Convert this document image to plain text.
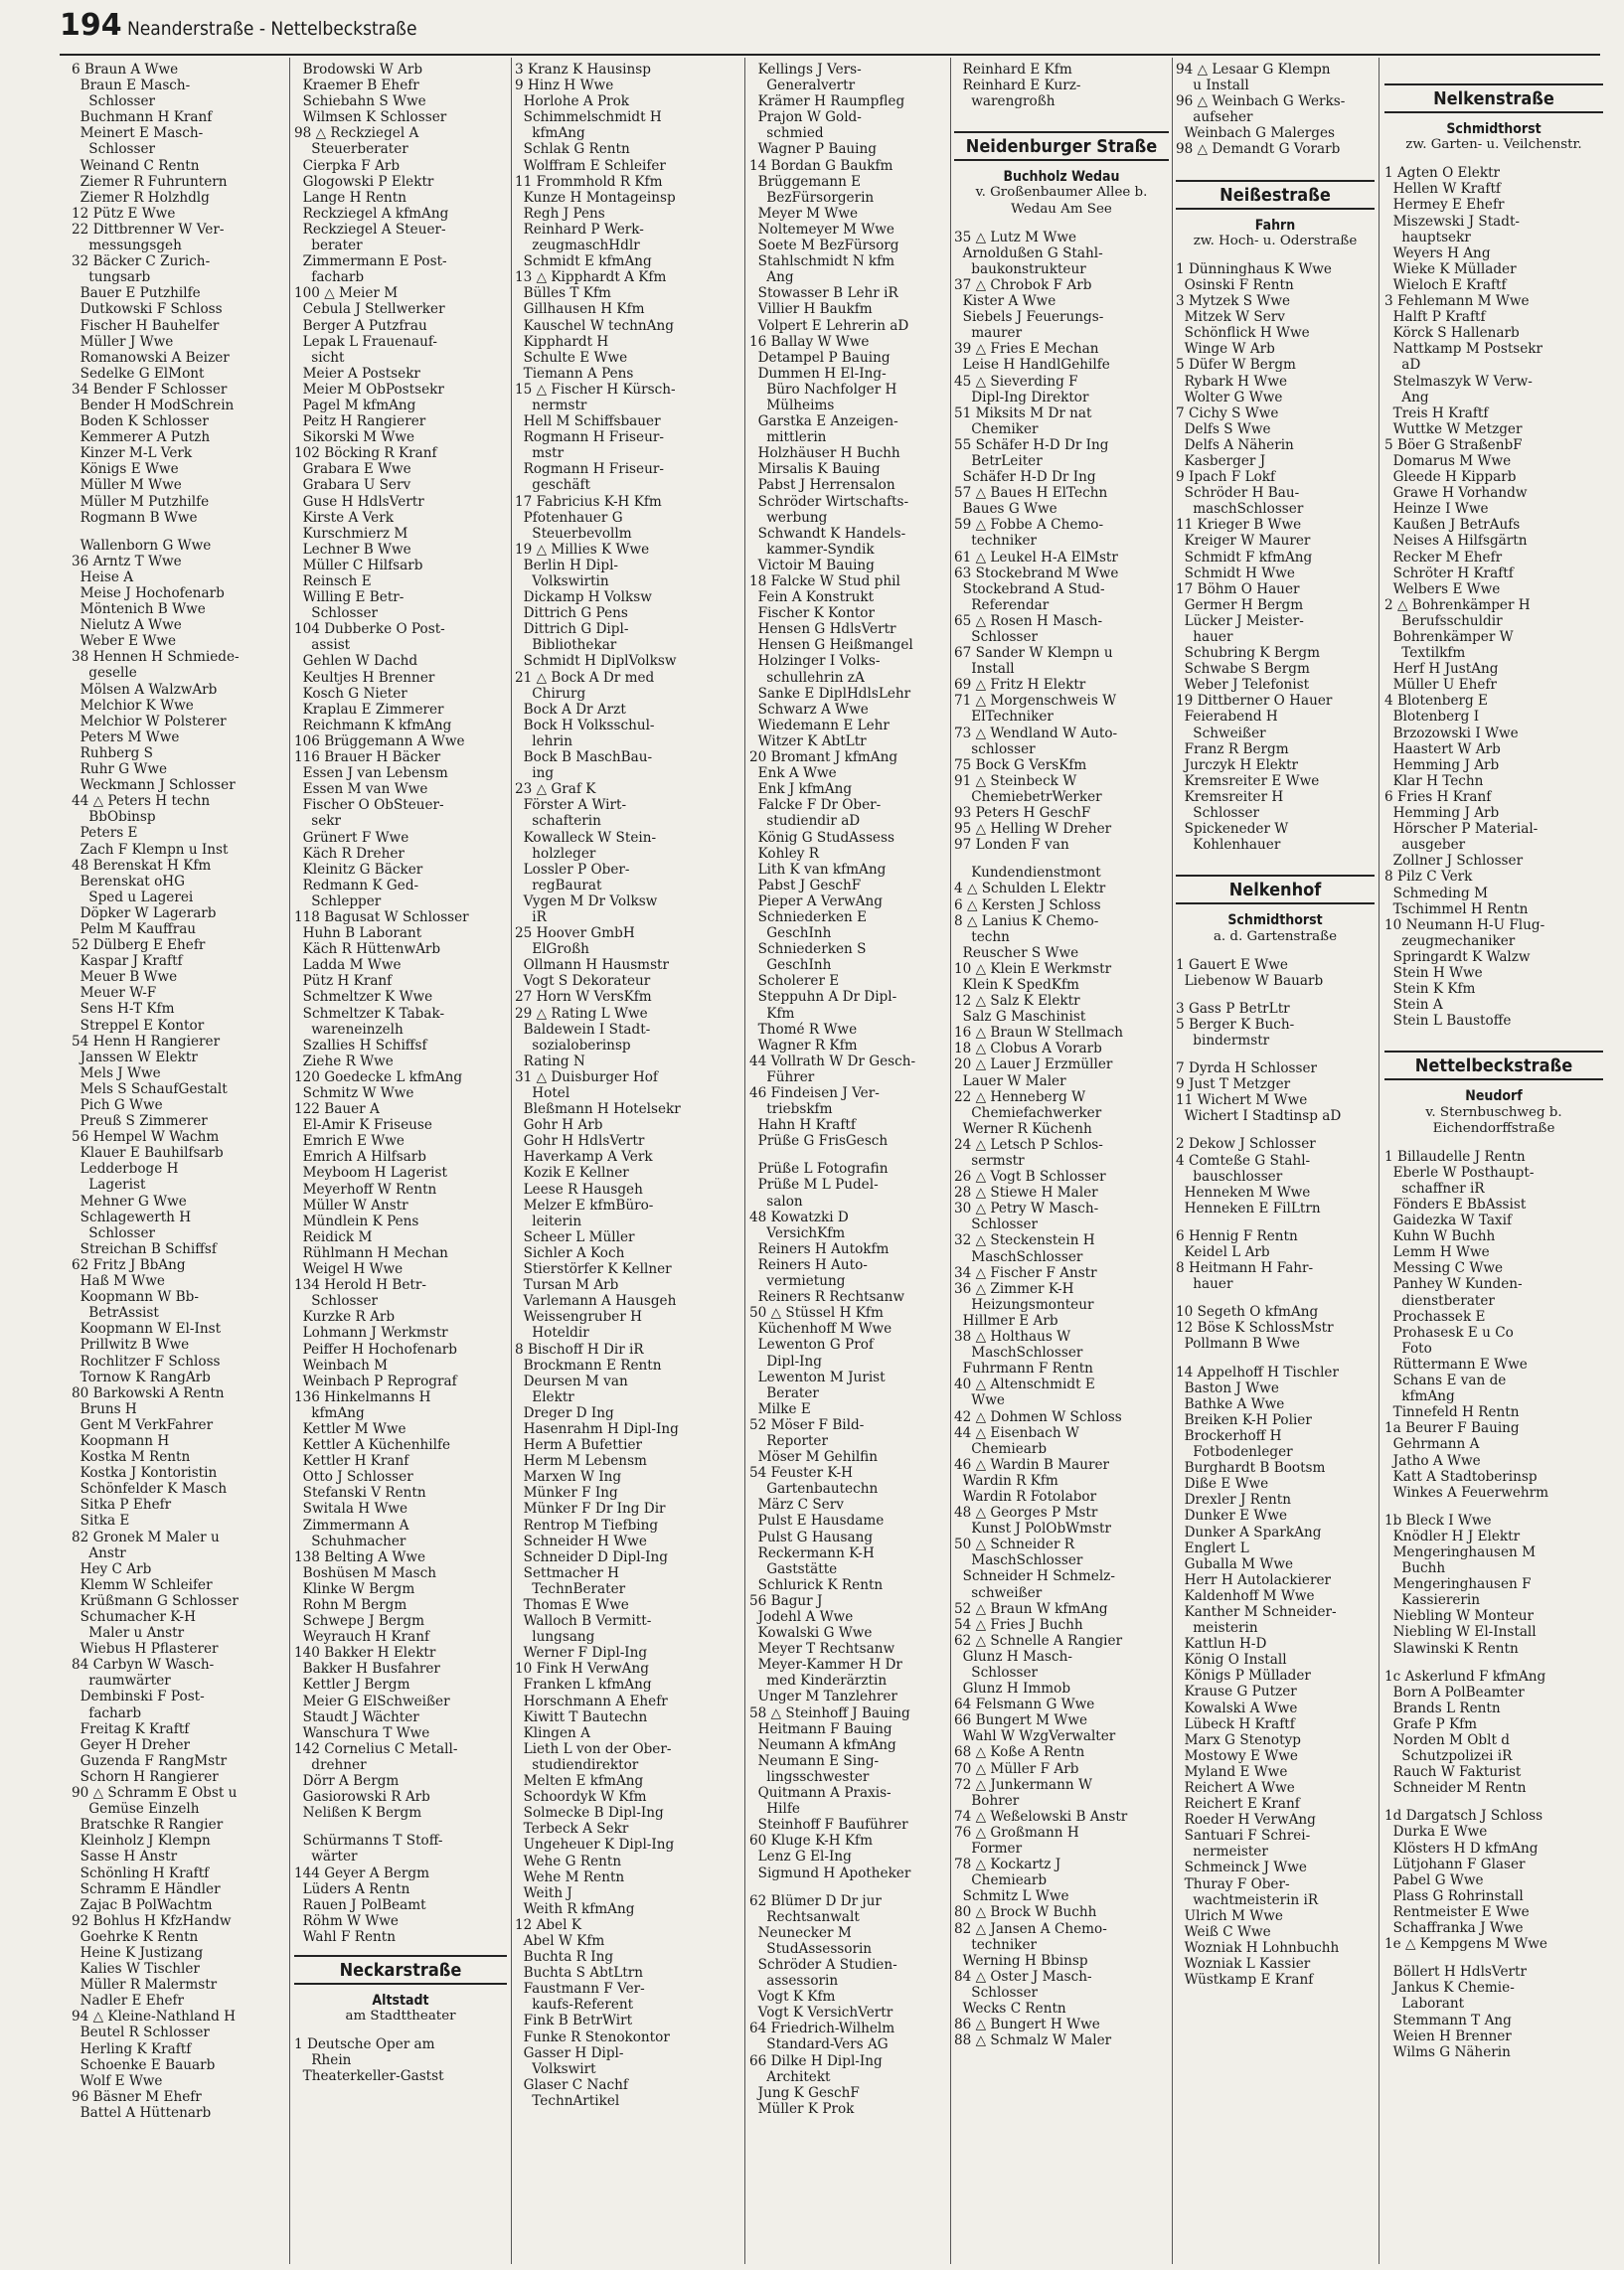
194 Neanderstraße - Nettelbeckstraße
6 Braun A Wwe
Braun E Masch-
Schlosser
Buchmann H Kranf
Meinert E Masch-
Schlosser
Weinand C Rentn
Ziemer R Fuhruntern
Ziemer R Holzhdlg
12 Pütz E Wwe
22 Dittbrenner W Ver-
messungsgeh
32 Bäcker C Zurich-
tungsarb
Bauer E Putzhilfe
Dutkowski F Schloss
Fischer H Bauhelfer
Müller J Wwe
Romanowski A Beizer
Sedelke G ElMont
34 Bender F Schlosser
Bender H ModSchrein
Boden K Schlosser
Kemmerer A Putzh
Kinzer M-L Verk
Königs E Wwe
Müller M Wwe
Müller M Putzhilfe
Rogmann B Wwe
Wallenborn G Wwe
36 Arntz T Wwe
Heise A
Meise J Hochofenarb
Möntenich B Wwe
Nielutz A Wwe
Weber E Wwe
38 Hennen H Schmiede-
geselle
Mölsen A WalzwArb
Melchior K Wwe
Melchior W Polsterer
Peters M Wwe
Ruhberg S
Ruhr G Wwe
Weckmann J Schlosser
44 △ Peters H techn
BbObinsp
Peters E
Zach F Klempn u Inst
48 Berenskat H Kfm
Berenskat oHG
Sped u Lagerei
Döpker W Lagerarb
Pelm M Kauffrau
52 Dülberg E Ehefr
Kaspar J Kraftf
Meuer B Wwe
Meuer W-F
Sens H-T Kfm
Streppel E Kontor
54 Henn H Rangierer
Janssen W Elektr
Mels J Wwe
Mels S SchaufGestalt
Pich G Wwe
Preuß S Zimmerer
56 Hempel W Wachm
Klauer E Bauhilfsarb
Ledderboge H
Lagerist
Mehner G Wwe
Schlagewerth H
Schlosser
Streichan B Schiffsf
62 Fritz J BbAng
Haß M Wwe
Koopmann W Bb-
BetrAssist
Koopmann W El-Inst
Prillwitz B Wwe
Rochlitzer F Schloss
Tornow K RangArb
80 Barkowski A Rentn
Bruns H
Gent M VerkFahrer
Koopmann H
Kostka M Rentn
Kostka J Kontoristin
Schönfelder K Masch
Sitka P Ehefr
Sitka E
82 Gronek M Maler u
Anstr
Hey C Arb
Klemm W Schleifer
Krüßmann G Schlosser
Schumacher K-H
Maler u Anstr
Wiebus H Pflasterer
84 Carbyn W Wasch-
raumwärter
Dembinski F Post-
facharb
Freitag K Kraftf
Geyer H Dreher
Guzenda F RangMstr
Schorn H Rangierer
90 △ Schramm E Obst u
Gemüse Einzelh
Bratschke R Rangier
Kleinholz J Klempn
Sasse H Anstr
Schönling H Kraftf
Schramm E Händler
Zajac B PolWachtm
92 Bohlus H KfzHandw
Goehrke K Rentn
Heine K Justizang
Kalies W Tischler
Müller R Malermstr
Nadler E Ehefr
94 △ Kleine-Nathland H
Beutel R Schlosser
Herling K Kraftf
Schoenke E Bauarb
Wolf E Wwe
96 Bäsner M Ehefr
Battel A Hüttenarb
Brodowski W Arb
Kraemer B Ehefr
Schiebahn S Wwe
Wilmsen K Schlosser
98 △ Reckziegel A
Steuerberater
Cierpka F Arb
Glogowski P Elektr
Lange H Rentn
Reckziegel A kfmAng
Reckziegel A Steuer-
berater
Zimmermann E Post-
facharb
100 △ Meier M
Cebula J Stellwerker
Berger A Putzfrau
Lepak L Frauenauf-
sicht
Meier A Postsekr
Meier M ObPostsekr
Pagel M kfmAng
Peitz H Rangierer
Sikorski M Wwe
102 Böcking R Kranf
Grabara E Wwe
Grabara U Serv
Guse H HdlsVertr
Kirste A Verk
Kurschmierz M
Lechner B Wwe
Müller C Hilfsarb
Reinsch E
Willing E Betr-
Schlosser
104 Dubberke O Post-
assist
Gehlen W Dachd
Keultjes H Brenner
Kosch G Nieter
Kraplau E Zimmerer
Reichmann K kfmAng
106 Brüggemann A Wwe
116 Brauer H Bäcker
Essen J van Lebensm
Essen M van Wwe
Fischer O ObSteuer-
sekr
Grünert F Wwe
Käch R Dreher
Kleinitz G Bäcker
Redmann K Ged-
Schlepper
118 Bagusat W Schlosser
Huhn B Laborant
Käch R HüttenwArb
Ladda M Wwe
Pütz H Kranf
Schmeltzer K Wwe
Schmeltzer K Tabak-
wareneinzelh
Szallies H Schiffsf
Ziehe R Wwe
120 Goedecke L kfmAng
Schmitz W Wwe
122 Bauer A
El-Amir K Friseuse
Emrich E Wwe
Emrich A Hilfsarb
Meyboom H Lagerist
Meyerhoff W Rentn
Müller W Anstr
Mündlein K Pens
Reidick M
Rühlmann H Mechan
Weigel H Wwe
134 Herold H Betr-
Schlosser
Kurzke R Arb
Lohmann J Werkmstr
Peiffer H Hochofenarb
Weinbach M
Weinbach P Reprograf
136 Hinkelmanns H
kfmAng
Kettler M Wwe
Kettler A Küchenhilfe
Kettler H Kranf
Otto J Schlosser
Stefanski V Rentn
Switala H Wwe
Zimmermann A
Schuhmacher
138 Belting A Wwe
Boshüsen M Masch
Klinke W Bergm
Rohn M Bergm
Schwepe J Bergm
Weyrauch H Kranf
140 Bakker H Elektr
Bakker H Busfahrer
Kettler J Bergm
Meier G ElSchweißer
Staudt J Wächter
Wanschura T Wwe
142 Cornelius C Metall-
drehner
Dörr A Bergm
Gasiorowski R Arb
Nelißen K Bergm
Schürmanns T Stoff-
wärter
144 Geyer A Bergm
Lüders A Rentn
Rauen J PolBeamt
Röhm W Wwe
Wahl F Rentn
Neckarstraße
Altstadt
am Stadttheater
1 Deutsche Oper am
Rhein
Theaterkeller-Gastst
3 Kranz K Hausinsp
9 Hinz H Wwe
Horlohe A Prok
Schimmelschmidt H
kfmAng
Schlak G Rentn
Wolffram E Schleifer
11 Frommhold R Kfm
Kunze H Montageinsp
Regh J Pens
Reinhard P Werk-
zeugmaschHdlr
Schmidt E kfmAng
13 △ Kipphardt A Kfm
Bülles T Kfm
Gillhausen H Kfm
Kauschel W technAng
Kipphardt H
Schulte E Wwe
Tiemann A Pens
15 △ Fischer H Kürsch-
nermstr
Hell M Schiffsbauer
Rogmann H Friseur-
mstr
Rogmann H Friseur-
geschäft
17 Fabricius K-H Kfm
Pfotenhauer G
Steuerbevollm
19 △ Millies K Wwe
Berlin H Dipl-
Volkswirtin
Dickamp H Volksw
Dittrich G Pens
Dittrich G Dipl-
Bibliothekar
Schmidt H DiplVolksw
21 △ Bock A Dr med
Chirurg
Bock A Dr Arzt
Bock H Volksschul-
lehrin
Bock B MaschBau-
ing
23 △ Graf K
Förster A Wirt-
schafterin
Kowalleck W Stein-
holzleger
Lossler P Ober-
regBaurat
Vygen M Dr Volksw
iR
25 Hoover GmbH
ElGroßh
Ollmann H Hausmstr
Vogt S Dekorateur
27 Horn W VersKfm
29 △ Rating L Wwe
Baldewein I Stadt-
sozialoberinsp
Rating N
31 △ Duisburger Hof
Hotel
Bleßmann H Hotelsekr
Gohr H Arb
Gohr H HdlsVertr
Haverkamp A Verk
Kozik E Kellner
Leese R Hausgeh
Melzer E kfmBüro-
leiterin
Scheer L Müller
Sichler A Koch
Stierstörfer K Kellner
Tursan M Arb
Varlemann A Hausgeh
Weissengruber H
Hoteldir
8 Bischoff H Dir iR
Brockmann E Rentn
Deursen M van
Elektr
Dreger D Ing
Hasenrahm H Dipl-Ing
Herm A Bufettier
Herm M Lebensm
Marxen W Ing
Münker F Ing
Münker F Dr Ing Dir
Rentrop M Tiefbing
Schneider H Wwe
Schneider D Dipl-Ing
Settmacher H
TechnBerater
Thomas E Wwe
Walloch B Vermitt-
lungsang
Werner F Dipl-Ing
10 Fink H VerwAng
Franken L kfmAng
Horschmann A Ehefr
Kiwitt T Bautechn
Klingen A
Lieth L von der Ober-
studiendirektor
Melten E kfmAng
Schoordyk W Kfm
Solmecke B Dipl-Ing
Terbeck A Sekr
Ungeheuer K Dipl-Ing
Wehe G Rentn
Wehe M Rentn
Weith J
Weith R kfmAng
12 Abel K
Abel W Kfm
Buchta R Ing
Buchta S AbtLtrn
Faustmann F Ver-
kaufs-Referent
Fink B BetrWirt
Funke R Stenokontor
Gasser H Dipl-
Volkswirt
Glaser C Nachf
TechnArtikel
Kellings J Vers-
Generalvertr
Krämer H Raumpfleg
Prajon W Gold-
schmied
Wagner P Bauing
14 Bordan G Baukfm
Brüggemann E
BezFürsorgerin
Meyer M Wwe
Noltemeyer M Wwe
Soete M BezFürsorg
Stahlschmidt N kfm
Ang
Stowasser B Lehr iR
Villier H Baukfm
Volpert E Lehrerin aD
16 Ballay W Wwe
Detampel P Bauing
Dummen H El-Ing-
Büro Nachfolger H
Mülheims
Garstka E Anzeigen-
mittlerin
Holzhäuser H Buchh
Mirsalis K Bauing
Pabst J Herrensalon
Schröder Wirtschafts-
werbung
Schwandt K Handels-
kammer-Syndik
Victoir M Bauing
18 Falcke W Stud phil
Fein A Konstrukt
Fischer K Kontor
Hensen G HdlsVertr
Hensen G Heißmangel
Holzinger I Volks-
schullehrin zA
Sanke E DiplHdlsLehr
Schwarz A Wwe
Wiedemann E Lehr
Witzer K AbtLtr
20 Bromant J kfmAng
Enk A Wwe
Enk J kfmAng
Falcke F Dr Ober-
studiendir aD
König G StudAssess
Kohley R
Lith K van kfmAng
Pabst J GeschF
Pieper A VerwAng
Schniederken E
GeschInh
Schniederken S
GeschInh
Scholerer E
Steppuhn A Dr Dipl-
Kfm
Thomé R Wwe
Wagner R Kfm
44 Vollrath W Dr Gesch-
Führer
46 Findeisen J Ver-
triebskfm
Hahn H Kraftf
Prüße G FrisGesch
Prüße L Fotografin
Prüße M L Pudel-
salon
48 Kowatzki D
VersichKfm
Reiners H Autokfm
Reiners H Auto-
vermietung
Reiners R Rechtsanw
50 △ Stüssel H Kfm
Küchenhoff M Wwe
Lewenton G Prof
Dipl-Ing
Lewenton M Jurist
Berater
Milke E
52 Möser F Bild-
Reporter
Möser M Gehilfin
54 Feuster K-H
Gartenbautechn
März C Serv
Pulst E Hausdame
Pulst G Hausang
Reckermann K-H
Gaststätte
Schlurick K Rentn
56 Bagur J
Jodehl A Wwe
Kowalski G Wwe
Meyer T Rechtsanw
Meyer-Kammer H Dr
med Kinderärztin
Unger M Tanzlehrer
58 △ Steinhoff J Bauing
Heitmann F Bauing
Neumann A kfmAng
Neumann E Sing-
lingsschwester
Quitmann A Praxis-
Hilfe
Steinhoff F Bauführer
60 Kluge K-H Kfm
Lenz G El-Ing
Sigmund H Apotheker
62 Blümer D Dr jur
Rechtsanwalt
Neunecker M
StudAssessorin
Schröder A Studien-
assessorin
Vogt K Kfm
Vogt K VersichVertr
64 Friedrich-Wilhelm
Standard-Vers AG
66 Dilke H Dipl-Ing
Architekt
Jung K GeschF
Müller K Prok
Reinhard E Kfm
Reinhard E Kurz-
warengroßh
Neidenburger Straße
Buchholz Wedau
v. Großenbaumer Allee b.
Wedau Am See
35 △ Lutz M Wwe
Arnoldußen G Stahl-
baukonstrukteur
37 △ Chrobok F Arb
Kister A Wwe
Siebels J Feuerungs-
maurer
39 △ Fries E Mechan
Leise H HandlGehilfe
45 △ Sieverding F
Dipl-Ing Direktor
51 Miksits M Dr nat
Chemiker
55 Schäfer H-D Dr Ing
BetrLeiter
Schäfer H-D Dr Ing
57 △ Baues H ElTechn
Baues G Wwe
59 △ Fobbe A Chemo-
techniker
61 △ Leukel H-A ElMstr
63 Stockebrand M Wwe
Stockebrand A Stud-
Referendar
65 △ Rosen H Masch-
Schlosser
67 Sander W Klempn u
Install
69 △ Fritz H Elektr
71 △ Morgenschweis W
ElTechniker
73 △ Wendland W Auto-
schlosser
75 Bock G VersKfm
91 △ Steinbeck W
ChemiebetrWerker
93 Peters H GeschF
95 △ Helling W Dreher
97 Londen F van
Kundendienstmont
4 △ Schulden L Elektr
6 △ Kersten J Schloss
8 △ Lanius K Chemo-
techn
Reuscher S Wwe
10 △ Klein E Werkmstr
Klein K SpedKfm
12 △ Salz K Elektr
Salz G Maschinist
16 △ Braun W Stellmach
18 △ Clobus A Vorarb
20 △ Lauer J Erzmüller
Lauer W Maler
22 △ Henneberg W
Chemiefachwerker
Werner R Küchenh
24 △ Letsch P Schlos-
sermstr
26 △ Vogt B Schlosser
28 △ Stiewe H Maler
30 △ Petry W Masch-
Schlosser
32 △ Steckenstein H
MaschSchlosser
34 △ Fischer F Anstr
36 △ Zimmer K-H
Heizungsmonteur
Hillmer E Arb
38 △ Holthaus W
MaschSchlosser
Fuhrmann F Rentn
40 △ Altenschmidt E
Wwe
42 △ Dohmen W Schloss
44 △ Eisenbach W
Chemiearb
46 △ Wardin B Maurer
Wardin R Kfm
Wardin R Fotolabor
48 △ Georges P Mstr
Kunst J PolObWmstr
50 △ Schneider R
MaschSchlosser
Schneider H Schmelz-
schweißer
52 △ Braun W kfmAng
54 △ Fries J Buchh
62 △ Schnelle A Rangier
Glunz H Masch-
Schlosser
Glunz H Immob
64 Felsmann G Wwe
66 Bungert M Wwe
Wahl W WzgVerwalter
68 △ Koße A Rentn
70 △ Müller F Arb
72 △ Junkermann W
Bohrer
74 △ Weßelowski B Anstr
76 △ Großmann H
Former
78 △ Kockartz J
Chemiearb
Schmitz L Wwe
80 △ Brock W Buchh
82 △ Jansen A Chemo-
techniker
Werning H Bbinsp
84 △ Oster J Masch-
Schlosser
Wecks C Rentn
86 △ Bungert H Wwe
88 △ Schmalz W Maler
94 △ Lesaar G Klempn
u Install
96 △ Weinbach G Werks-
aufseher
Weinbach G Malerges
98 △ Demandt G Vorarb
Neißestraße
Fahrn
zw. Hoch- u. Oderstraße
1 Dünninghaus K Wwe
Osinski F Rentn
3 Mytzek S Wwe
Mitzek W Serv
Schönflick H Wwe
Winge W Arb
5 Düfer W Bergm
Rybark H Wwe
Wolter G Wwe
7 Cichy S Wwe
Delfs S Wwe
Delfs A Näherin
Kasberger J
9 Ipach F Lokf
Schröder H Bau-
maschSchlosser
11 Krieger B Wwe
Kreiger W Maurer
Schmidt F kfmAng
Schmidt H Wwe
17 Böhm O Hauer
Germer H Bergm
Lücker J Meister-
hauer
Schubring K Bergm
Schwabe S Bergm
Weber J Telefonist
19 Dittberner O Hauer
Feierabend H
Schweißer
Franz R Bergm
Jurczyk H Elektr
Kremsreiter E Wwe
Kremsreiter H
Schlosser
Spickeneder W
Kohlenhauer
Nelkenhof
Schmidthorst
a. d. Gartenstraße
1 Gauert E Wwe
Liebenow W Bauarb
3 Gass P BetrLtr
5 Berger K Buch-
bindermstr
7 Dyrda H Schlosser
9 Just T Metzger
11 Wichert M Wwe
Wichert I Stadtinsp aD
2 Dekow J Schlosser
4 Comteße G Stahl-
bauschlosser
Henneken M Wwe
Henneken E FilLtrn
6 Hennig F Rentn
Keidel L Arb
8 Heitmann H Fahr-
hauer
10 Segeth O kfmAng
12 Böse K SchlossMstr
Pollmann B Wwe
14 Appelhoff H Tischler
Baston J Wwe
Bathke A Wwe
Breiken K-H Polier
Brockerhoff H
Fotbodenleger
Burghardt B Bootsm
Diße E Wwe
Drexler J Rentn
Dunker E Wwe
Dunker A SparkAng
Englert L
Guballa M Wwe
Herr H Autolackierer
Kaldenhoff M Wwe
Kanther M Schneider-
meisterin
Kattlun H-D
König O Install
Königs P Müllader
Krause G Putzer
Kowalski A Wwe
Lübeck H Kraftf
Marx G Stenotyp
Mostowy E Wwe
Myland E Wwe
Reichert A Wwe
Reichert E Kranf
Roeder H VerwAng
Santuari F Schrei-
nermeister
Schmeinck J Wwe
Thuray F Ober-
wachtmeisterin iR
Ulrich M Wwe
Weiß C Wwe
Wozniak H Lohnbuchh
Wozniak L Kassier
Wüstkamp E Kranf
Nelkenstraße
Schmidthorst
zw. Garten- u. Veilchenstr.
1 Agten O Elektr
Hellen W Kraftf
Hermey E Ehefr
Miszewski J Stadt-
hauptsekr
Weyers H Ang
Wieke K Müllader
Wieloch E Kraftf
3 Fehlemann M Wwe
Halft P Kraftf
Körck S Hallenarb
Nattkamp M Postsekr
aD
Stelmaszyk W Verw-
Ang
Treis H Kraftf
Wuttke W Metzger
5 Böer G StraßenbF
Domarus M Wwe
Gleede H Kipparb
Grawe H Vorhandw
Heinze I Wwe
Kaußen J BetrAufs
Neises A Hilfsgärtn
Recker M Ehefr
Schröter H Kraftf
Welbers E Wwe
2 △ Bohrenkämper H
Berufsschuldir
Bohrenkämper W
Textilkfm
Herf H JustAng
Müller U Ehefr
4 Blotenberg E
Blotenberg I
Brzozowski I Wwe
Haastert W Arb
Hemming J Arb
Klar H Techn
6 Fries H Kranf
Hemming J Arb
Hörscher P Material-
ausgeber
Zollner J Schlosser
8 Pilz C Verk
Schmeding M
Tschimmel H Rentn
10 Neumann H-U Flug-
zeugmechaniker
Springardt K Walzw
Stein H Wwe
Stein K Kfm
Stein A
Stein L Baustoffe
Nettelbeckstraße
Neudorf
v. Sternbuschweg b.
Eichendorffstraße
1 Billaudelle J Rentn
Eberle W Posthaupt-
schaffner iR
Fönders E BbAssist
Gaidezka W Taxif
Kuhn W Buchh
Lemm H Wwe
Messing C Wwe
Panhey W Kunden-
dienstberater
Prochassek E
Prohasesk E u Co
Foto
Rüttermann E Wwe
Schans E van de
kfmAng
Tinnefeld H Rentn
1a Beurer F Bauing
Gehrmann A
Jatho A Wwe
Katt A Stadtoberinsp
Winkes A Feuerwehrm
1b Bleck I Wwe
Knödler H J Elektr
Mengeringhausen M
Buchh
Mengeringhausen F
Kassiererin
Niebling W Monteur
Niebling W El-Install
Slawinski K Rentn
1c Askerlund F kfmAng
Born A PolBeamter
Brands L Rentn
Grafe P Kfm
Norden M Oblt d
Schutzpolizei iR
Rauch W Fakturist
Schneider M Rentn
1d Dargatsch J Schloss
Durka E Wwe
Klösters H D kfmAng
Lütjohann F Glaser
Pabel G Wwe
Plass G Rohrinstall
Rentmeister E Wwe
Schaffranka J Wwe
1e △ Kempgens M Wwe
Böllert H HdlsVertr
Jankus K Chemie-
Laborant
Stemmann T Ang
Weien H Brenner
Wilms G Näherin
